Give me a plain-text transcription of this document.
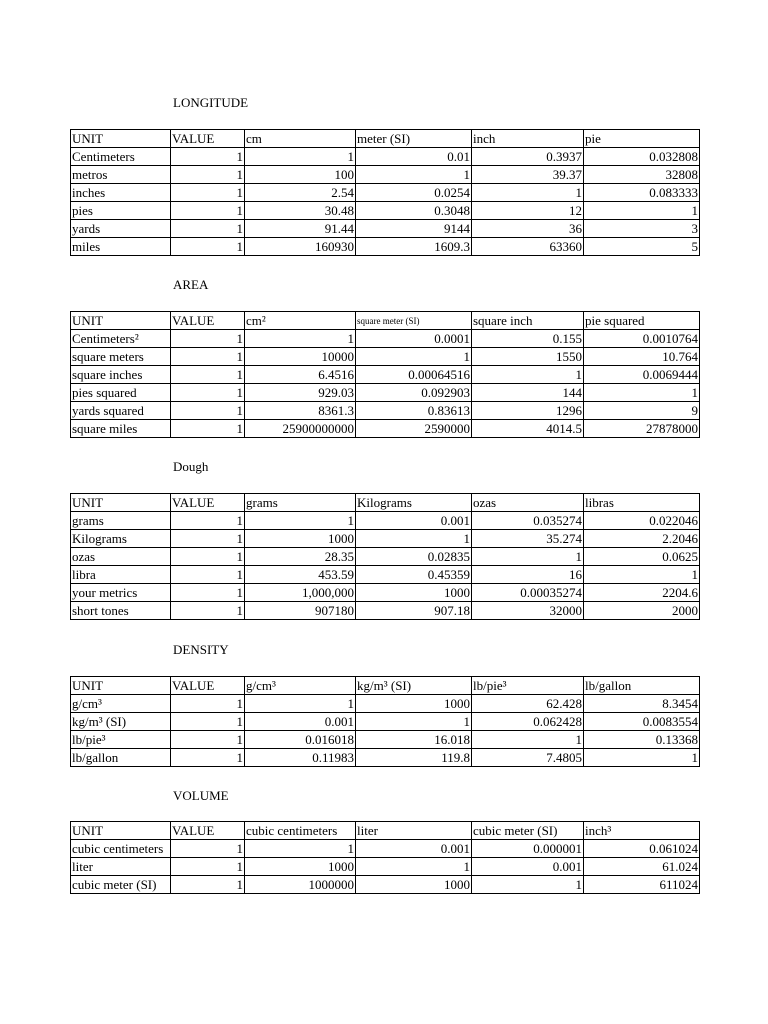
LONGITUDE
UNIT	VALUE	cm	meter (SI)	inch	pie
Centimeters	1	1	0.01	0.3937	0.032808
metros	1	100	1	39.37	32808
inches	1	2.54	0.0254	1	0.083333
pies	1	30.48	0.3048	12	1
yards	1	91.44	9144	36	3
miles	1	160930	1609.3	63360	5
AREA
UNIT	VALUE	cm²	square meter (SI)	square inch	pie squared
Centimeters²	1	1	0.0001	0.155	0.0010764
square meters	1	10000	1	1550	10.764
square inches	1	6.4516	0.00064516	1	0.0069444
pies squared	1	929.03	0.092903	144	1
yards squared	1	8361.3	0.83613	1296	9
square miles	1	25900000000	2590000	4014.5	27878000
Dough
UNIT	VALUE	grams	Kilograms	ozas	libras
grams	1	1	0.001	0.035274	0.022046
Kilograms	1	1000	1	35.274	2.2046
ozas	1	28.35	0.02835	1	0.0625
libra	1	453.59	0.45359	16	1
your metrics	1	1,000,000	1000	0.00035274	2204.6
short tones	1	907180	907.18	32000	2000
DENSITY
UNIT	VALUE	g/cm³	kg/m³ (SI)	lb/pie³	lb/gallon
g/cm³	1	1	1000	62.428	8.3454
kg/m³ (SI)	1	0.001	1	0.062428	0.0083554
lb/pie³	1	0.016018	16.018	1	0.13368
lb/gallon	1	0.11983	119.8	7.4805	1
VOLUME
UNIT	VALUE	cubic centimeters	liter	cubic meter (SI)	inch³
cubic centimeters	1	1	0.001	0.000001	0.061024
liter	1	1000	1	0.001	61.024
cubic meter (SI)	1	1000000	1000	1	611024
